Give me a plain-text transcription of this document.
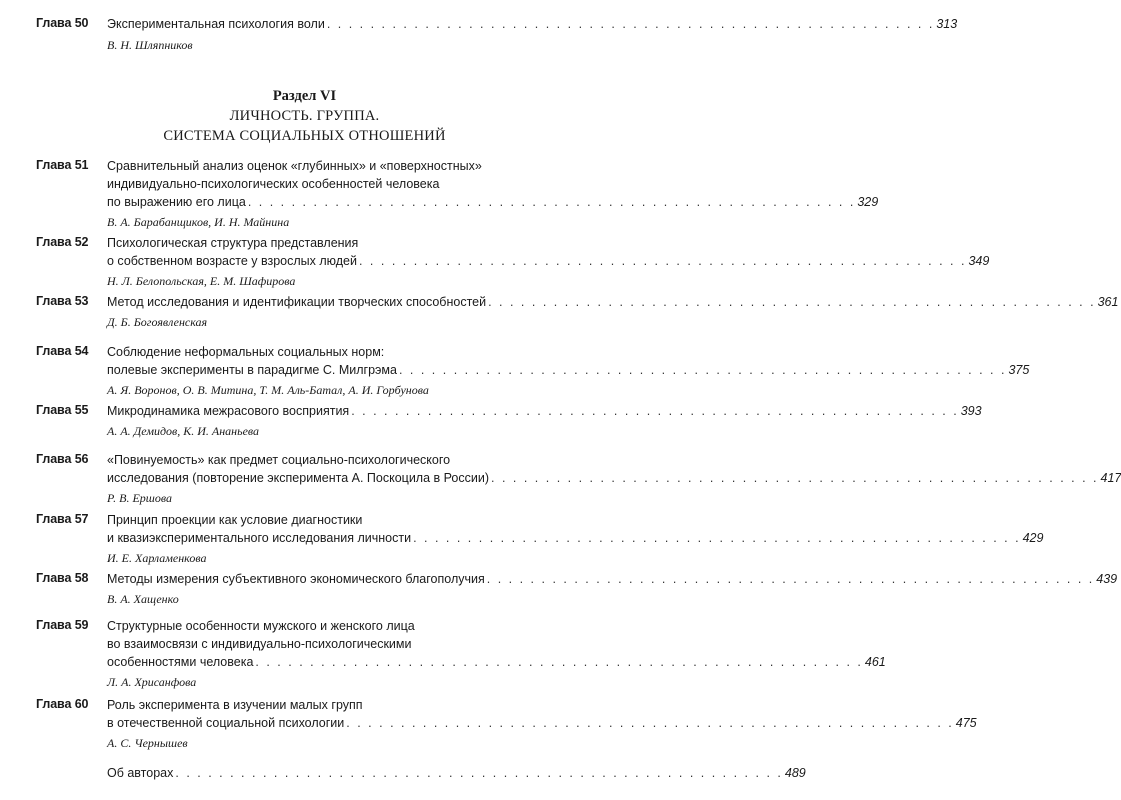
Глава 50 Экспериментальная психология воли . . . . . . . . . . . . . . . . . . . . . . . . . . . . . . . . . . . . . . . . . . . . . . . . . . . . . . . . 313
В. Н. Шляпников
Раздел VI
ЛИЧНОСТЬ. ГРУППА.
СИСТЕМА СОЦИАЛЬНЫХ ОТНОШЕНИЙ
Глава 51 Сравнительный анализ оценок «глубинных» и «поверхностных»
индивидуально-психологических особенностей человека
по выражению его лица . . . . . . . . . . . . . . . . . . . . . . . . . . . . . . . . . . . . . . . . . . . . . . . . . . . . . . . . 329
В. А. Барабанщиков, И. Н. Майнина
Глава 52 Психологическая структура представления
о собственном возрасте у взрослых людей . . . . . . . . . . . . . . . . . . . . . . . . . . . . . . . . . . . . . . . . . . . . . . . . . . . . . . . . 349
Н. Л. Белопольская, Е. М. Шафирова
Глава 53 Метод исследования и идентификации творческих способностей . . . . . . . . . . . . . . . . . . . . . . . . . . . . . . . . . . . . . . . . . . . . . . . . . . . . . . . . 361
Д. Б. Богоявленская
Глава 54 Соблюдение неформальных социальных норм:
полевые эксперименты в парадигме С. Милгрэма . . . . . . . . . . . . . . . . . . . . . . . . . . . . . . . . . . . . . . . . . . . . . . . . . . . . . . . . 375
А. Я. Воронов, О. В. Митина, Т. М. Аль-Батал, А. И. Горбунова
Глава 55 Микродинамика межрасового восприятия . . . . . . . . . . . . . . . . . . . . . . . . . . . . . . . . . . . . . . . . . . . . . . . . . . . . . . . . 393
А. А. Демидов, К. И. Ананьева
Глава 56 «Повинуемость» как предмет социально-психологического
исследования (повторение эксперимента А. Поскоцила в России) . . . . . . . . . . . . . . . . . . . . . . . . . . . . . . . . . . . . . . . . . . . . . . . . . . . . . . . . 417
Р. В. Ершова
Глава 57 Принцип проекции как условие диагностики
и квазиэкспериментального исследования личности . . . . . . . . . . . . . . . . . . . . . . . . . . . . . . . . . . . . . . . . . . . . . . . . . . . . . . . . 429
И. Е. Харламенкова
Глава 58 Методы измерения субъективного экономического благополучия . . . . . . . . . . . . . . . . . . . . . . . . . . . . . . . . . . . . . . . . . . . . . . . . . . . . . . . . 439
В. А. Хащенко
Глава 59 Структурные особенности мужского и женского лица
во взаимосвязи с индивидуально-психологическими
особенностями человека . . . . . . . . . . . . . . . . . . . . . . . . . . . . . . . . . . . . . . . . . . . . . . . . . . . . . . . . 461
Л. А. Хрисанфова
Глава 60 Роль эксперимента в изучении малых групп
в отечественной социальной психологии . . . . . . . . . . . . . . . . . . . . . . . . . . . . . . . . . . . . . . . . . . . . . . . . . . . . . . . . 475
А. С. Чернышев
Об авторах . . . . . . . . . . . . . . . . . . . . . . . . . . . . . . . . . . . . . . . . . . . . . . . . . . . . . . . . 489
